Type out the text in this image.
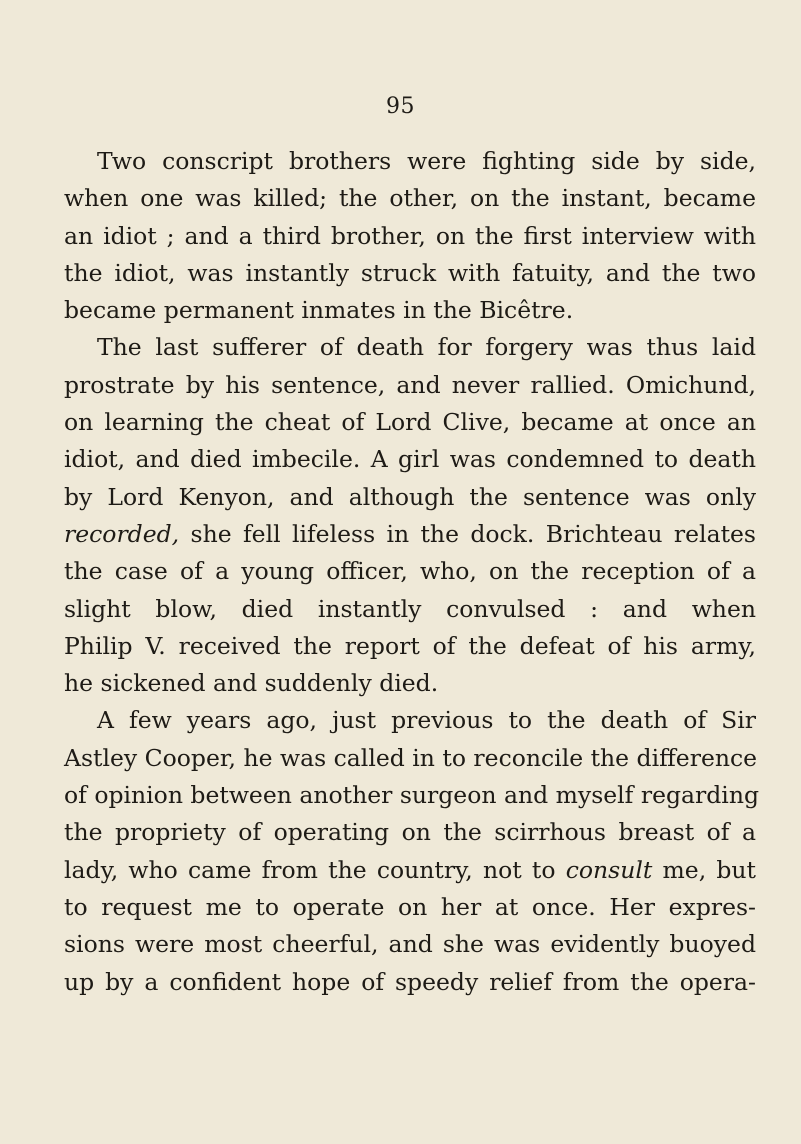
95
Two conscript brothers were fighting side by side,
when one was killed; the other, on the instant, became
an idiot ; and a third brother, on the first interview with
the idiot, was instantly struck with fatuity, and the two
became permanent inmates in the Bicêtre.
The last sufferer of death for forgery was thus laid
prostrate by his sentence, and never rallied. Omichund,
on learning the cheat of Lord Clive, became at once an
idiot, and died imbecile. A girl was condemned to death
by Lord Kenyon, and although the sentence was only
recorded, she fell lifeless in the dock. Brichteau relates
the case of a young officer, who, on the reception of a
slight blow, died instantly convulsed : and when
Philip V. received the report of the defeat of his army,
he sickened and suddenly died.
A few years ago, just previous to the death of Sir
Astley Cooper, he was called in to reconcile the difference
of opinion between another surgeon and myself regarding
the propriety of operating on the scirrhous breast of a
lady, who came from the country, not to consult me, but
to request me to operate on her at once. Her expres-
sions were most cheerful, and she was evidently buoyed
up by a confident hope of speedy relief from the opera-
